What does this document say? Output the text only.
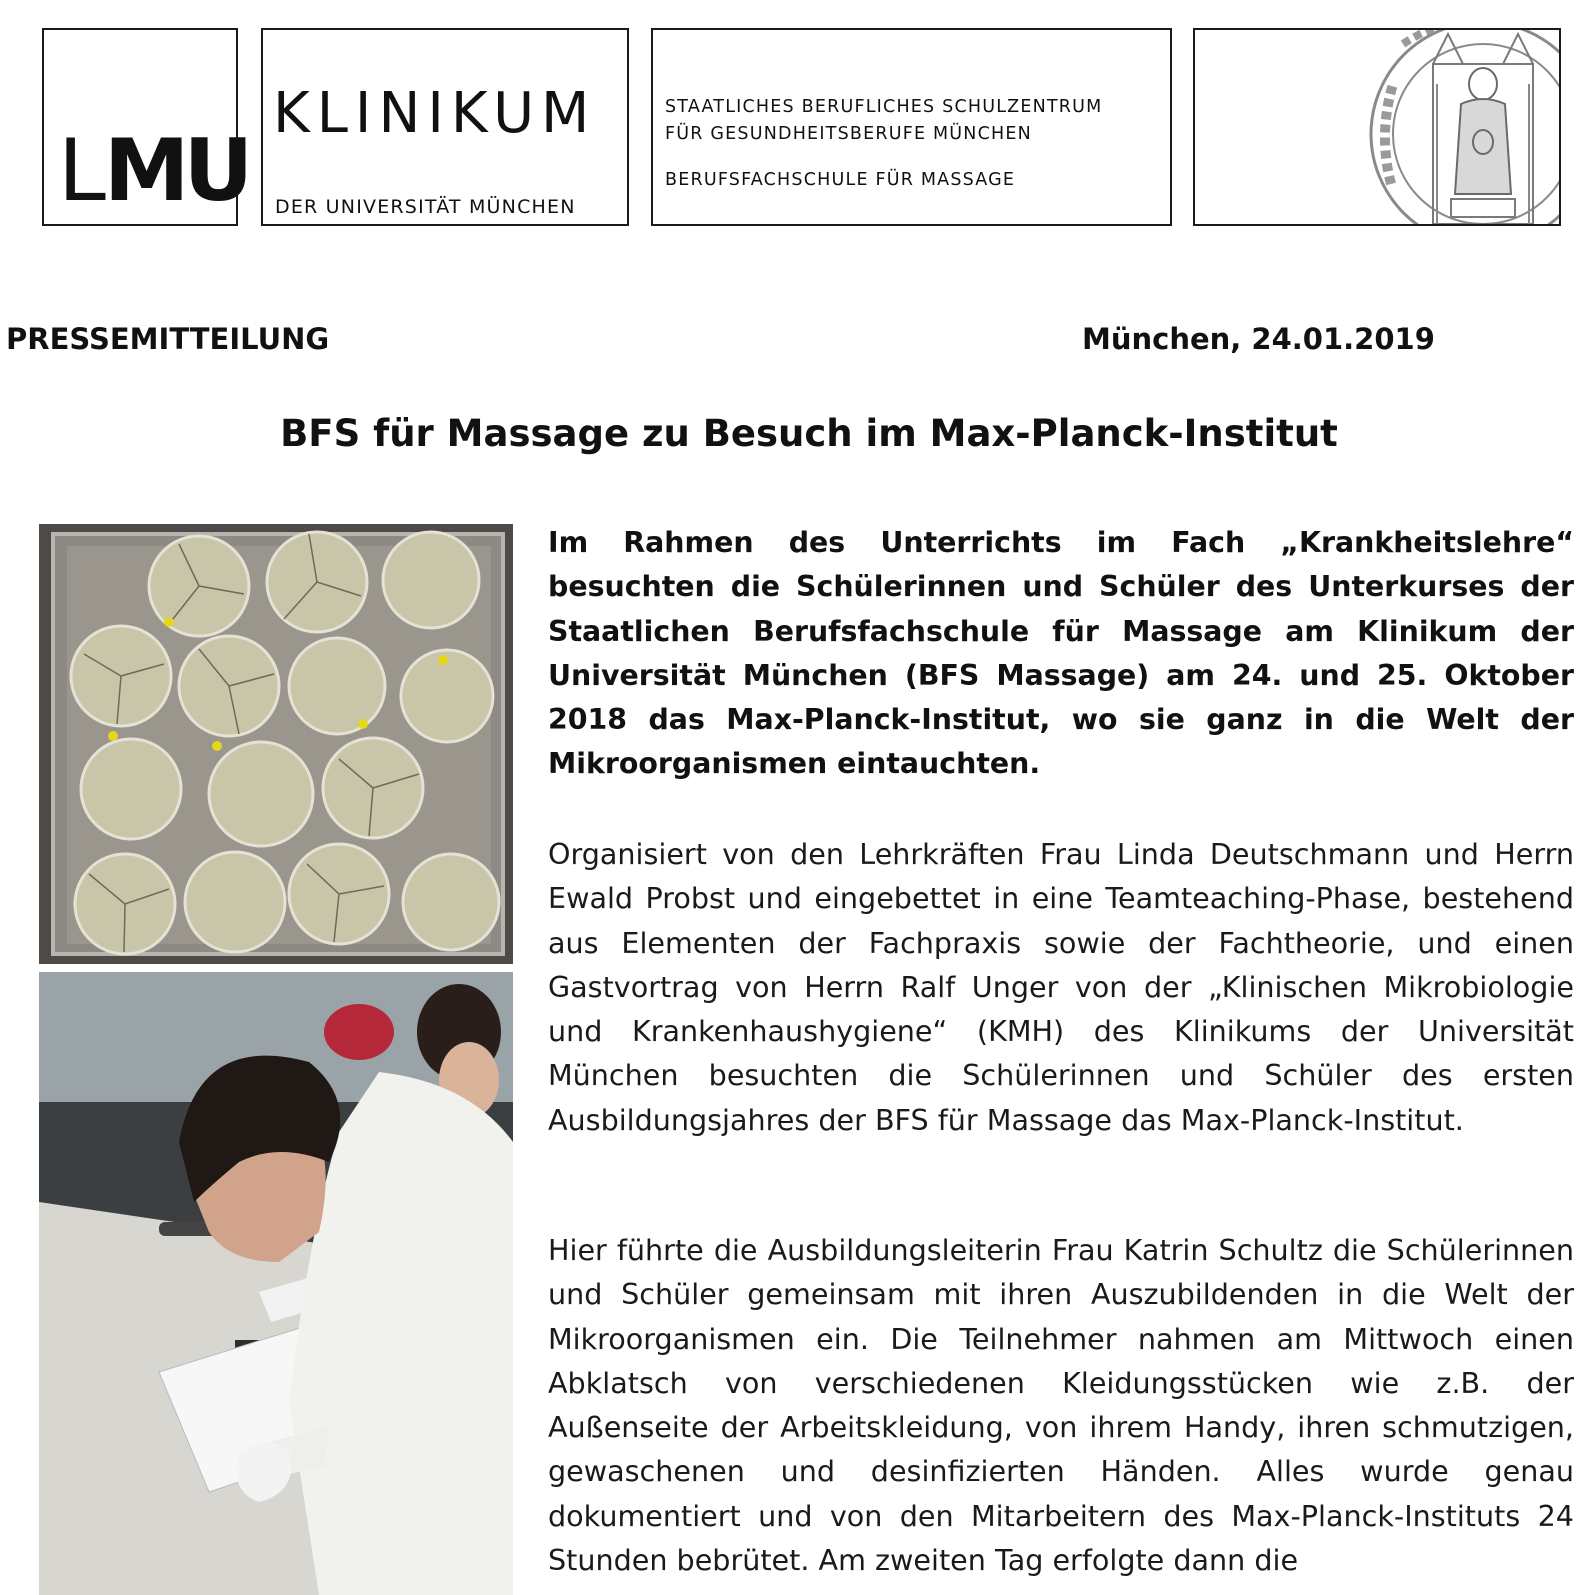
LMU
KLINIKUM
DER UNIVERSITÄT MÜNCHEN
STAATLICHES BERUFLICHES SCHULZENTRUM
FÜR GESUNDHEITSBERUFE MÜNCHEN
BERUFSFACHSCHULE FÜR MASSAGE
PRESSEMITTEILUNG	München, 24.01.2019
BFS für Massage zu Besuch im Max-Planck-Institut

Im Rahmen des Unterrichts im Fach „Krankheitslehre“ besuchten die Schülerinnen und Schüler des Unterkurses der Staatlichen Berufsfachschule für Massage am Klinikum der Universität München (BFS Massage) am 24. und 25. Oktober 2018 das Max-Planck-Institut, wo sie ganz in die Welt der Mikroorganismen eintauchten.

Organisiert von den Lehrkräften Frau Linda Deutschmann und Herrn Ewald Probst und eingebettet in eine Teamteaching-Phase, bestehend aus Elementen der Fachpraxis sowie der Fachtheorie, und einen Gastvortrag von Herrn Ralf Unger von der „Klinischen Mikrobiologie und Krankenhaushygiene“ (KMH) des Klinikums der Universität München besuchten die Schülerinnen und Schüler des ersten Ausbildungsjahres der BFS für Massage das Max-Planck-Institut.

Hier führte die Ausbildungsleiterin Frau Katrin Schultz die Schülerinnen und Schüler gemeinsam mit ihren Auszubildenden in die Welt der Mikroorganismen ein. Die Teilnehmer nahmen am Mittwoch einen Abklatsch von verschiedenen Kleidungsstücken wie z.B. der Außenseite der Arbeitskleidung, von ihrem Handy, ihren schmutzigen, gewaschenen und desinfizierten Händen. Alles wurde genau dokumentiert und von den Mitarbeitern des Max-Planck-Instituts 24 Stunden bebrütet. Am zweiten Tag erfolgte dann die
